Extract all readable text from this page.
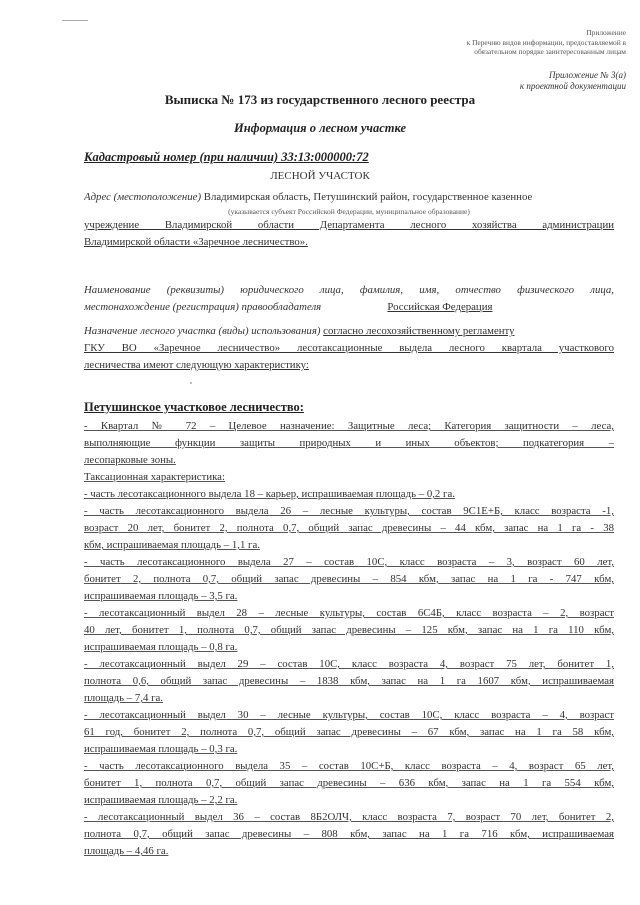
Приложение
к Перечню видов информации, предоставляемой в
обязательном порядке заинтересованным лицам
Приложение № 3(а)
к проектной документации
Выписка № 173 из государственного лесного реестра
Информация о лесном участке
Кадастровый номер (при наличии) 33:13:000000:72
ЛЕСНОЙ УЧАСТОК
Адрес (местоположение) Владимирская область, Петушинский район, государственное казенное
(указывается субъект Российской Федерации, муниципальное образование)
учреждение Владимирской области Департамента лесного хозяйства администрации
Владимирской области «Заречное лесничество».
Наименование (реквизиты) юридического лица, фамилия, имя, отчество физического лица,
местонахождение (регистрация) правообладателя	Российская Федерация
Назначение лесного участка (виды) использования) согласно лесохозяйственному регламенту
ГКУ ВО «Заречное лесничество» лесотаксационные выдела лесного квартала участкового
лесничества имеют следующую характеристику:
Петушинское участковое лесничество:
- Квартал № 72 – Целевое назначение: Защитные леса; Категория защитности – леса,
выполняющие функции защиты природных и иных объектов; подкатегория –
лесопарковые зоны.
Таксационная характеристика:
- часть лесотаксационного выдела 18 – карьер, испрашиваемая площадь – 0,2 га.
- часть лесотаксационного выдела 26 – лесные культуры, состав 9С1Е+Б, класс возраста -1,
возраст 20 лет, бонитет 2, полнота 0,7, общий запас древесины – 44 кбм, запас на 1 га - 38
кбм, испрашиваемая площадь – 1,1 га.
- часть лесотаксационного выдела 27 – состав 10С, класс возраста – 3, возраст 60 лет,
бонитет 2, полнота 0,7, общий запас древесины – 854 кбм, запас на 1 га - 747 кбм,
испрашиваемая площадь – 3,5 га.
- лесотаксационный выдел 28 – лесные культуры, состав 6С4Б, класс возраста – 2, возраст
40 лет, бонитет 1, полнота 0,7, общий запас древесины – 125 кбм, запас на 1 га 110 кбм,
испрашиваемая площадь – 0,8 га.
- лесотаксационный выдел 29 – состав 10С, класс возраста 4, возраст 75 лет, бонитет 1,
полнота 0,6, общий запас древесины – 1838 кбм, запас на 1 га 1607 кбм, испрашиваемая
площадь – 7,4 га.
- лесотаксационный выдел 30 – лесные культуры, состав 10С, класс возраста – 4, возраст
61 год, бонитет 2, полнота 0,7, общий запас древесины – 67 кбм, запас на 1 га 58 кбм,
испрашиваемая площадь – 0,3 га.
- часть лесотаксационного выдела 35 – состав 10С+Б, класс возраста – 4, возраст 65 лет,
бонитет 1, полнота 0,7, общий запас древесины – 636 кбм, запас на 1 га 554 кбм,
испрашиваемая площадь – 2,2 га.
- лесотаксационный выдел 36 – состав 8Б2ОЛЧ, класс возраста 7, возраст 70 лет, бонитет 2,
полнота 0,7, общий запас древесины – 808 кбм, запас на 1 га 716 кбм, испрашиваемая
площадь – 4,46 га.
